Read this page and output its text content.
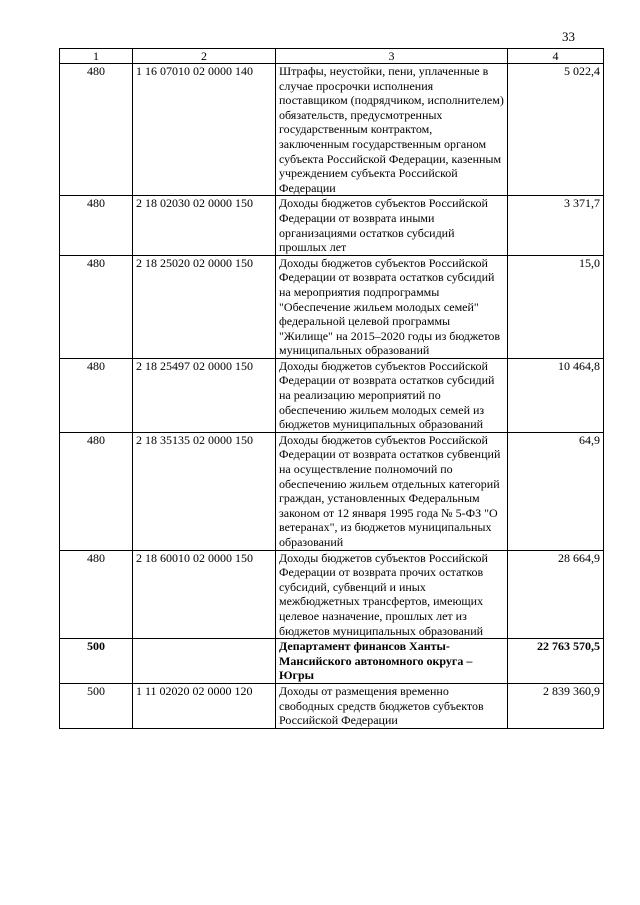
33
1	2	3	4
480	1 16 07010 02 0000 140	Штрафы, неустойки, пени, уплаченные в случае просрочки исполнения поставщиком (подрядчиком, исполнителем) обязательств, предусмотренных государственным контрактом, заключенным государственным органом субъекта Российской Федерации, казенным учреждением субъекта Российской Федерации	5 022,4
480	2 18 02030 02 0000 150	Доходы бюджетов субъектов Российской Федерации от возврата иными организациями остатков субсидий прошлых лет	3 371,7
480	2 18 25020 02 0000 150	Доходы бюджетов субъектов Российской Федерации от возврата остатков субсидий на мероприятия подпрограммы "Обеспечение жильем молодых семей" федеральной целевой программы "Жилище" на 2015–2020 годы из бюджетов муниципальных образований	15,0
480	2 18 25497 02 0000 150	Доходы бюджетов субъектов Российской Федерации от возврата остатков субсидий на реализацию мероприятий по обеспечению жильем молодых семей из бюджетов муниципальных образований	10 464,8
480	2 18 35135 02 0000 150	Доходы бюджетов субъектов Российской Федерации от возврата остатков субвенций на осуществление полномочий по обеспечению жильем отдельных категорий граждан, установленных Федеральным законом от 12 января 1995 года № 5-ФЗ "О ветеранах", из бюджетов муниципальных образований	64,9
480	2 18 60010 02 0000 150	Доходы бюджетов субъектов Российской Федерации от возврата прочих остатков субсидий, субвенций и иных межбюджетных трансфертов, имеющих целевое назначение, прошлых лет из бюджетов муниципальных образований	28 664,9
500		Департамент финансов Ханты-Мансийского автономного округа – Югры	22 763 570,5
500	1 11 02020 02 0000 120	Доходы от размещения временно свободных средств бюджетов субъектов Российской Федерации	2 839 360,9
